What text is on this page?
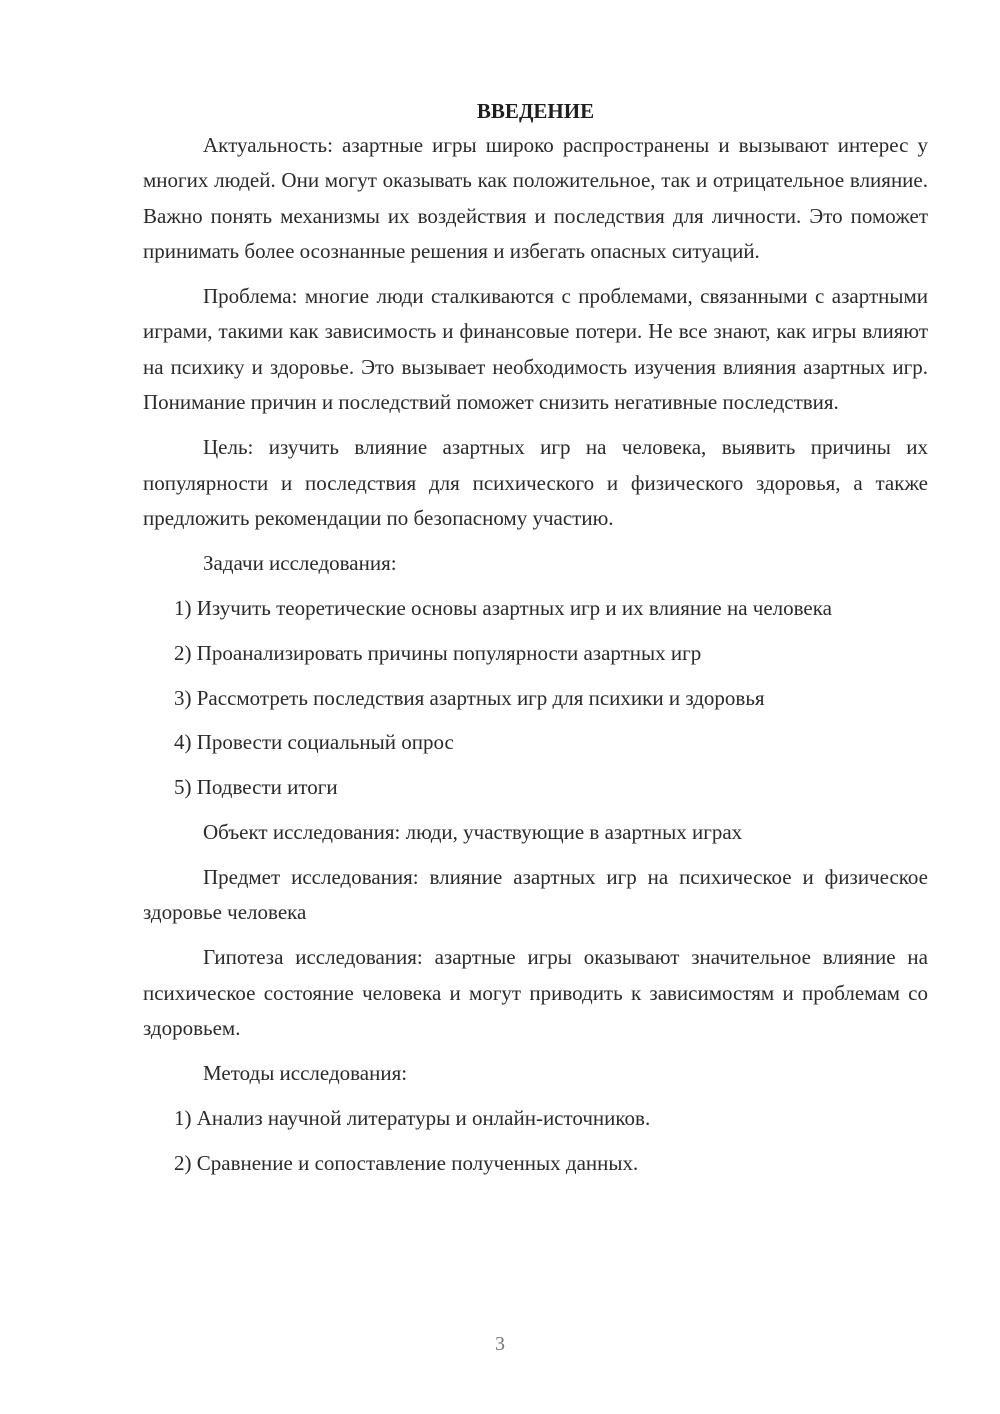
ВВЕДЕНИЕ

Актуальность: азартные игры широко распространены и вызывают интерес у многих людей. Они могут оказывать как положительное, так и отрицательное влияние. Важно понять механизмы их воздействия и последствия для личности. Это поможет принимать более осознанные решения и избегать опасных ситуаций.

Проблема: многие люди сталкиваются с проблемами, связанными с азартными играми, такими как зависимость и финансовые потери. Не все знают, как игры влияют на психику и здоровье. Это вызывает необходимость изучения влияния азартных игр. Понимание причин и последствий поможет снизить негативные последствия.

Цель: изучить влияние азартных игр на человека, выявить причины их популярности и последствия для психического и физического здоровья, а также предложить рекомендации по безопасному участию.

Задачи исследования:

1) Изучить теоретические основы азартных игр и их влияние на человека

2) Проанализировать причины популярности азартных игр

3) Рассмотреть последствия азартных игр для психики и здоровья

4) Провести социальный опрос

5) Подвести итоги

Объект исследования: люди, участвующие в азартных играх

Предмет исследования: влияние азартных игр на психическое и физическое здоровье человека

Гипотеза исследования: азартные игры оказывают значительное влияние на психическое состояние человека и могут приводить к зависимостям и проблемам со здоровьем.

Методы исследования:

1) Анализ научной литературы и онлайн-источников.

2) Сравнение и сопоставление полученных данных.

3
